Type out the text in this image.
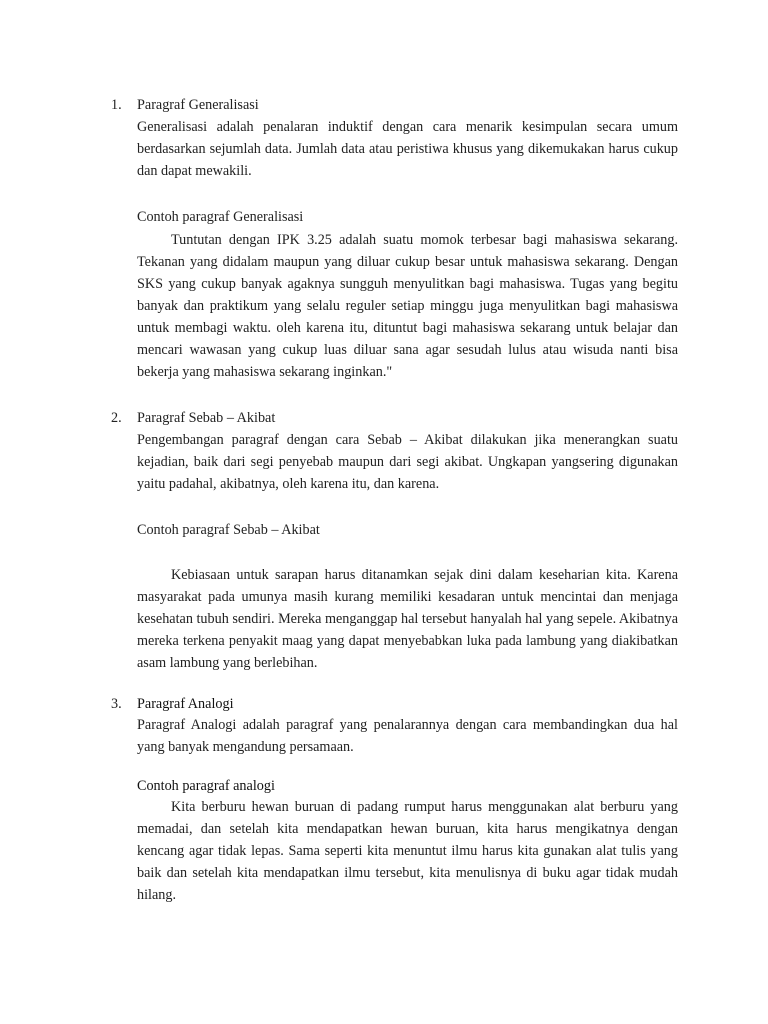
1. Paragraf Generalisasi
Generalisasi adalah penalaran induktif dengan cara menarik kesimpulan secara umum berdasarkan sejumlah data. Jumlah data atau peristiwa khusus yang dikemukakan harus cukup dan dapat mewakili.
Contoh paragraf Generalisasi
Tuntutan dengan IPK 3.25 adalah suatu momok terbesar bagi mahasiswa sekarang. Tekanan yang didalam maupun yang diluar cukup besar untuk mahasiswa sekarang. Dengan SKS yang cukup banyak agaknya sungguh menyulitkan bagi mahasiswa. Tugas yang begitu banyak dan praktikum yang selalu reguler setiap minggu juga menyulitkan bagi mahasiswa untuk membagi waktu. oleh karena itu, dituntut bagi mahasiswa sekarang untuk belajar dan mencari wawasan yang cukup luas diluar sana agar sesudah lulus atau wisuda nanti bisa bekerja yang mahasiswa sekarang inginkan."
2. Paragraf Sebab – Akibat
Pengembangan paragraf dengan cara Sebab – Akibat dilakukan jika menerangkan suatu kejadian, baik dari segi penyebab maupun dari segi akibat. Ungkapan yangsering digunakan yaitu padahal, akibatnya, oleh karena itu, dan karena.
Contoh paragraf Sebab – Akibat
Kebiasaan untuk sarapan harus ditanamkan sejak dini dalam keseharian kita. Karena masyarakat pada umunya masih kurang memiliki kesadaran untuk mencintai dan menjaga kesehatan tubuh sendiri. Mereka menganggap hal tersebut hanyalah hal yang sepele. Akibatnya mereka terkena penyakit maag yang dapat menyebabkan luka pada lambung yang diakibatkan asam lambung yang berlebihan.
3. Paragraf Analogi
Paragraf Analogi adalah paragraf yang penalarannya dengan cara membandingkan dua hal yang banyak mengandung persamaan.
Contoh paragraf analogi
Kita berburu hewan buruan di padang rumput harus menggunakan alat berburu yang memadai, dan setelah kita mendapatkan hewan buruan, kita harus mengikatnya dengan kencang agar tidak lepas. Sama seperti kita menuntut ilmu harus kita gunakan alat tulis yang baik dan setelah kita mendapatkan ilmu tersebut, kita menulisnya di buku agar tidak mudah hilang.
